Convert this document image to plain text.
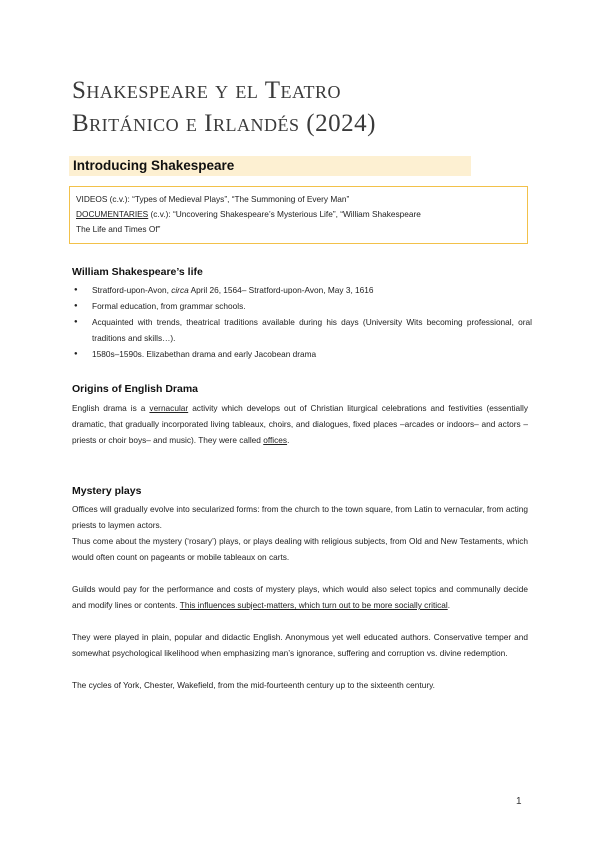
Shakespeare y el Teatro
Británico e Irlandés (2024)
Introducing Shakespeare

VIDEOS (c.v.): “Types of Medieval Plays”, “The Summoning of Every Man”

DOCUMENTARIES (c.v.): “Uncovering Shakespeare’s Mysterious Life”, “William Shakespeare

The Life and Times Of”

William Shakespeare’s life
● Stratford-upon-Avon, circa April 26, 1564– Stratford-upon-Avon, May 3, 1616
● Formal education, from grammar schools.
● Acquainted with trends, theatrical traditions available during his days (University Wits becoming professional, oral traditions and skills…).
● 1580s–1590s. Elizabethan drama and early Jacobean drama
Origins of English Drama

English drama is a vernacular activity which develops out of Christian liturgical celebrations and festivities (essentially dramatic, that gradually incorporated living tableaux, choirs, and dialogues, fixed places –arcades or indoors– and actors –priests or choir boys– and music). They were called offices.

Mystery plays

Offices will gradually evolve into secularized forms: from the church to the town square, from Latin to vernacular, from acting priests to laymen actors.

Thus come about the mystery (‘rosary’) plays, or plays dealing with religious subjects, from Old and New Testaments, which would often count on pageants or mobile tableaux on carts.

Guilds would pay for the performance and costs of mystery plays, which would also select topics and communally decide and modify lines or contents. This influences subject-matters, which turn out to be more socially critical.

They were played in plain, popular and didactic English. Anonymous yet well educated authors. Conservative temper and somewhat psychological likelihood when emphasizing man’s ignorance, suffering and corruption vs. divine redemption.

The cycles of York, Chester, Wakefield, from the mid-fourteenth century up to the sixteenth century.

1
